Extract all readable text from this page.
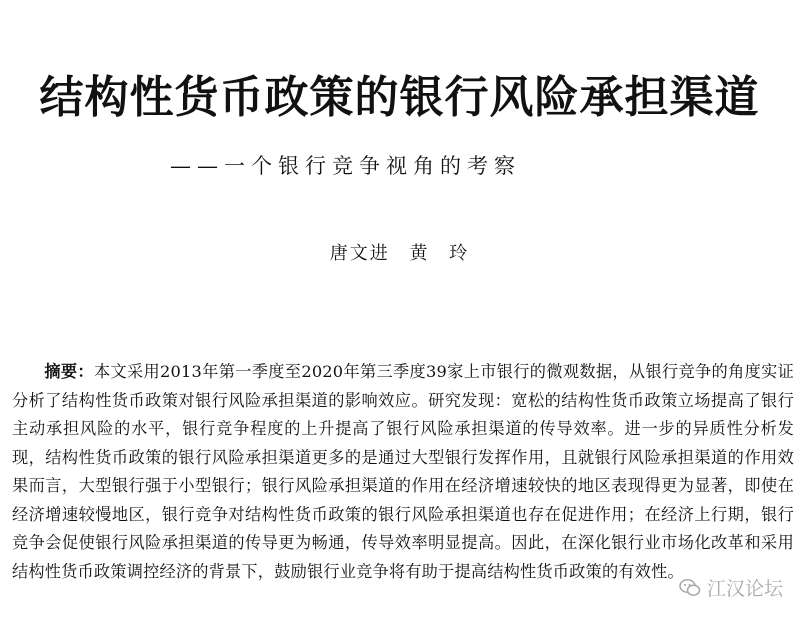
结构性货币政策的银行风险承担渠道
——一个银行竞争视角的考察
唐文进 黄 玲

摘要：本文采用2013年第一季度至2020年第三季度39家上市银行的微观数据，从银行竞争的角度实证分析了结构性货币政策对银行风险承担渠道的影响效应。研究发现：宽松的结构性货币政策立场提高了银行主动承担风险的水平，银行竞争程度的上升提高了银行风险承担渠道的传导效率。进一步的异质性分析发现，结构性货币政策的银行风险承担渠道更多的是通过大型银行发挥作用，且就银行风险承担渠道的作用效果而言，大型银行强于小型银行；银行风险承担渠道的作用在经济增速较快的地区表现得更为显著，即使在经济增速较慢地区，银行竞争对结构性货币政策的银行风险承担渠道也存在促进作用；在经济上行期，银行竞争会促使银行风险承担渠道的传导更为畅通，传导效率明显提高。因此，在深化银行业市场化改革和采用结构性货币政策调控经济的背景下，鼓励银行业竞争将有助于提高结构性货币政策的有效性。

江汉论坛
